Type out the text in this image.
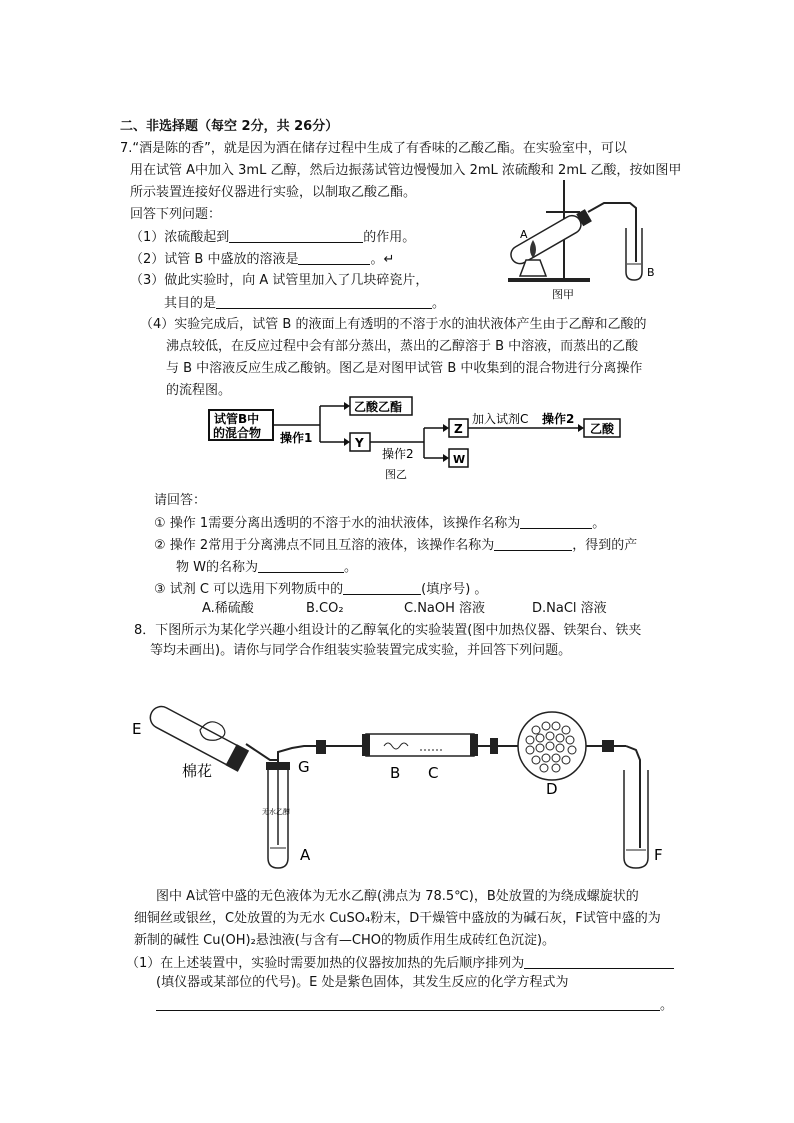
二、非选择题（每空 2分，共 26分）
7.“酒是陈的香”，就是因为酒在储存过程中生成了有香味的乙酸乙酯。在实验室中，可以
用在试管 A中加入 3mL 乙醇，然后边振荡试管边慢慢加入 2mL 浓硫酸和 2mL 乙酸，按如图甲
所示装置连接好仪器进行实验，以制取乙酸乙酯。
回答下列问题：
（1）浓硫酸起到	的作用。
（2）试管 B 中盛放的溶液是	。↵
（3）做此实验时，向 A 试管里加入了几块碎瓷片，
其目的是	。
（4）实验完成后，试管 B 的液面上有透明的不溶于水的油状液体产生由于乙醇和乙酸的
沸点较低，在反应过程中会有部分蒸出，蒸出的乙醇溶于 B 中溶液，而蒸出的乙酸
与 B 中溶液反应生成乙酸钠。图乙是对图甲试管 B 中收集到的混合物进行分离操作
的流程图。
A
B
图甲
试管B中
的混合物 操作1
乙酸乙酯
Y
操作2
Z
W
加入试剂C 操作2
乙酸
图乙
请回答：
① 操作 1需要分离出透明的不溶于水的油状液体，该操作名称为	。
② 操作 2常用于分离沸点不同且互溶的液体，该操作名称为	，得到的产
物 W的名称为	。
③ 试剂 C 可以选用下列物质中的	(填序号) 。
A.稀硫酸	B.CO₂	C.NaOH 溶液	D.NaCl 溶液
8．下图所示为某化学兴趣小组设计的乙醇氧化的实验装置(图中加热仪器、铁架台、铁夹
等均未画出)。请你与同学合作组装实验装置完成实验，并回答下列问题。
E
棉花	G	B C
D
A	F
无水乙醇
图中 A试管中盛的无色液体为无水乙醇(沸点为 78.5℃)，B处放置的为绕成螺旋状的
细铜丝或银丝，C处放置的为无水 CuSO₄粉末，D干燥管中盛放的为碱石灰，F试管中盛的为
新制的碱性 Cu(OH)₂悬浊液(与含有—CHO的物质作用生成砖红色沉淀)。
（1）在上述装置中，实验时需要加热的仪器按加热的先后顺序排列为
(填仪器或某部位的代号)。E 处是紫色固体，其发生反应的化学方程式为
。
